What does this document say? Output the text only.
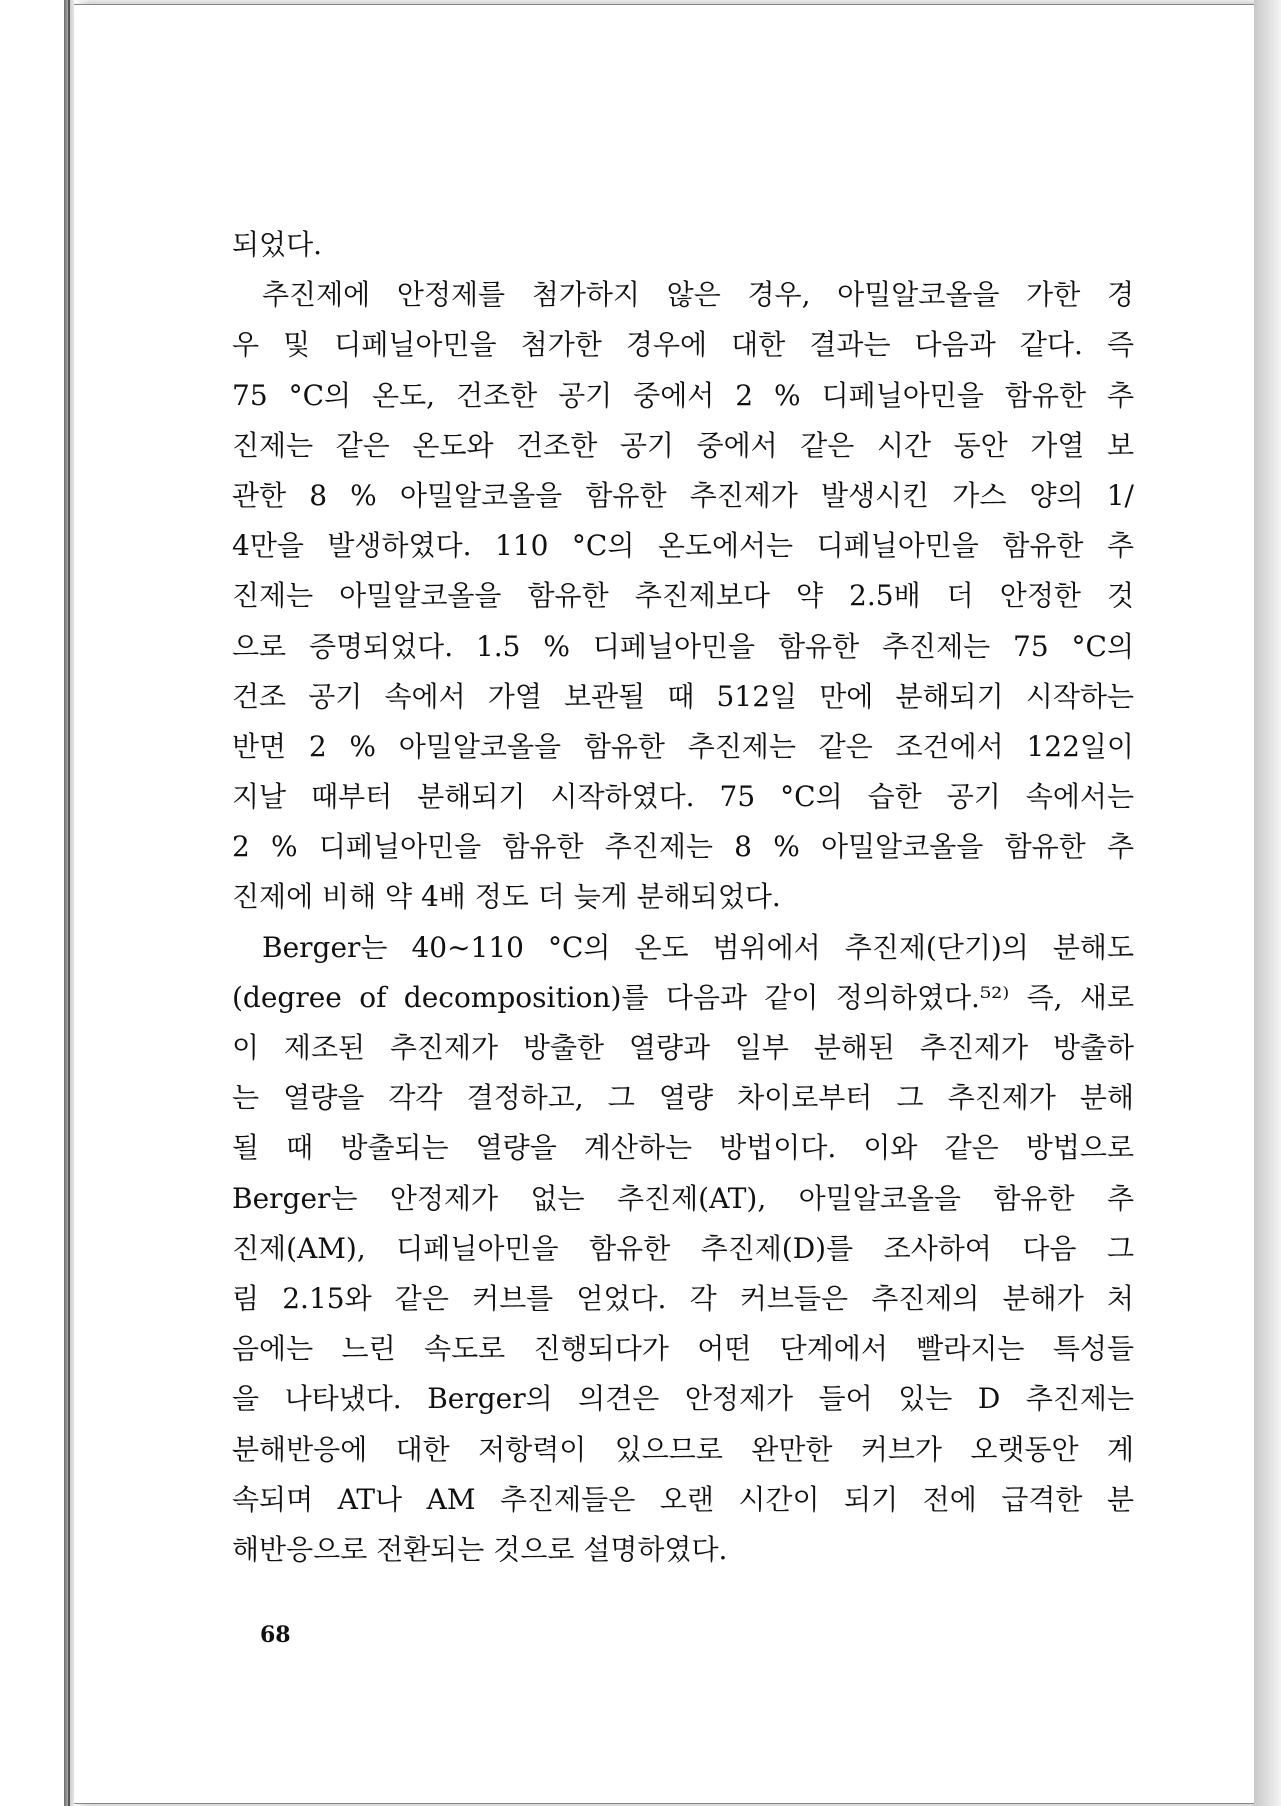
되었다.
추진제에 안정제를 첨가하지 않은 경우, 아밀알코올을 가한 경
우 및 디페닐아민을 첨가한 경우에 대한 결과는 다음과 같다. 즉
75 °C의 온도, 건조한 공기 중에서 2 % 디페닐아민을 함유한 추
진제는 같은 온도와 건조한 공기 중에서 같은 시간 동안 가열 보
관한 8 % 아밀알코올을 함유한 추진제가 발생시킨 가스 양의 1/
4만을 발생하였다. 110 °C의 온도에서는 디페닐아민을 함유한 추
진제는 아밀알코올을 함유한 추진제보다 약 2.5배 더 안정한 것
으로 증명되었다. 1.5 % 디페닐아민을 함유한 추진제는 75 °C의
건조 공기 속에서 가열 보관될 때 512일 만에 분해되기 시작하는
반면 2 % 아밀알코올을 함유한 추진제는 같은 조건에서 122일이
지날 때부터 분해되기 시작하였다. 75 °C의 습한 공기 속에서는
2 % 디페닐아민을 함유한 추진제는 8 % 아밀알코올을 함유한 추
진제에 비해 약 4배 정도 더 늦게 분해되었다.
Berger는 40∼110 °C의 온도 범위에서 추진제(단기)의 분해도
(degree of decomposition)를 다음과 같이 정의하였다.⁵²⁾ 즉, 새로
이 제조된 추진제가 방출한 열량과 일부 분해된 추진제가 방출하
는 열량을 각각 결정하고, 그 열량 차이로부터 그 추진제가 분해
될 때 방출되는 열량을 계산하는 방법이다. 이와 같은 방법으로
Berger는 안정제가 없는 추진제(AT), 아밀알코올을 함유한 추
진제(AM), 디페닐아민을 함유한 추진제(D)를 조사하여 다음 그
림 2.15와 같은 커브를 얻었다. 각 커브들은 추진제의 분해가 처
음에는 느린 속도로 진행되다가 어떤 단계에서 빨라지는 특성들
을 나타냈다. Berger의 의견은 안정제가 들어 있는 D 추진제는
분해반응에 대한 저항력이 있으므로 완만한 커브가 오랫동안 계
속되며 AT나 AM 추진제들은 오랜 시간이 되기 전에 급격한 분
해반응으로 전환되는 것으로 설명하였다.
68
